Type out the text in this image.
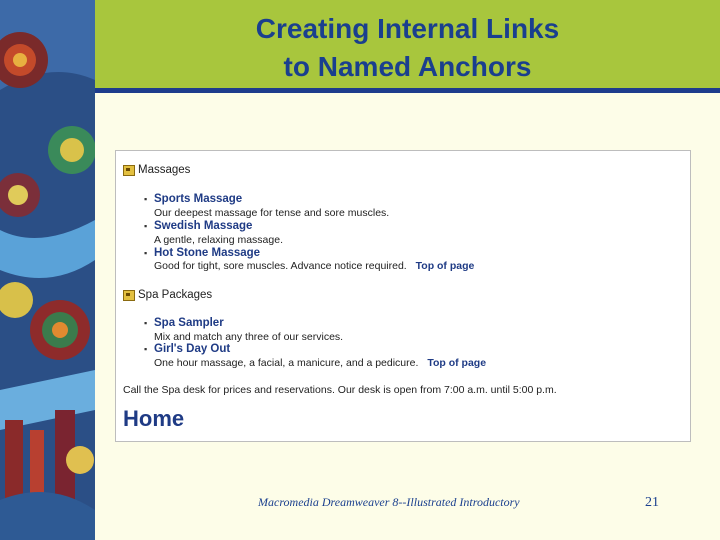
Creating Internal Links
to Named Anchors
Massages
▪ Sports Massage
Our deepest massage for tense and sore muscles.
▪ Swedish Massage
A gentle, relaxing massage.
▪ Hot Stone Massage
Good for tight, sore muscles. Advance notice required. Top of page
Spa Packages
▪ Spa Sampler
Mix and match any three of our services.
▪ Girl's Day Out
One hour massage, a facial, a manicure, and a pedicure. Top of page
Call the Spa desk for prices and reservations. Our desk is open from 7:00 a.m. until 5:00 p.m.
Home
Macromedia Dreamweaver 8--Illustrated Introductory	21
